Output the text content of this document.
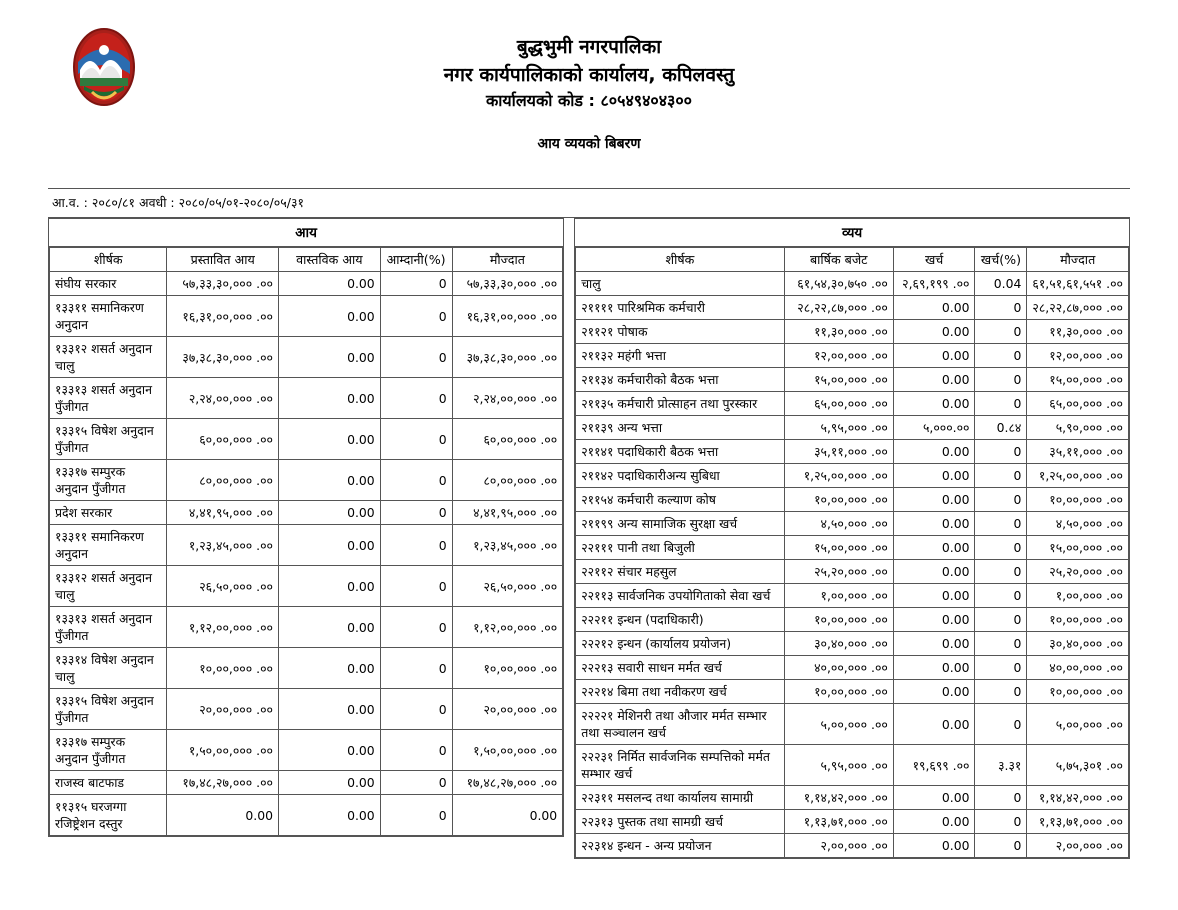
बुद्धभुमी नगरपालिका
नगर कार्यपालिकाको कार्यालय, कपिलवस्तु
कार्यालयको कोड : ८०५४९४०४३००
आय व्ययको बिबरण
आ.व. : २०८०/८१ अवधी : २०८०/०५/०१-२०८०/०५/३१
आय
शीर्षक	प्रस्तावित आय	वास्तविक आय	आम्दानी(%)	मौज्दात
संघीय सरकार	५७,३३,३०,००० .००	0.00	0	५७,३३,३०,००० .००
१३३११ समानिकरण अनुदान	१६,३१,००,००० .००	0.00	0	१६,३१,००,००० .००
१३३१२ शसर्त अनुदान चालु	३७,३८,३०,००० .००	0.00	0	३७,३८,३०,००० .००
१३३१३ शसर्त अनुदान पुँजीगत	२,२४,००,००० .००	0.00	0	२,२४,००,००० .००
१३३१५ विषेश अनुदान पुँजीगत	६०,००,००० .००	0.00	0	६०,००,००० .००
१३३१७ सम्पुरक अनुदान पुँजीगत	८०,००,००० .००	0.00	0	८०,००,००० .००
प्रदेश सरकार	४,४१,९५,००० .००	0.00	0	४,४१,९५,००० .००
१३३११ समानिकरण अनुदान	१,२३,४५,००० .००	0.00	0	१,२३,४५,००० .००
१३३१२ शसर्त अनुदान चालु	२६,५०,००० .००	0.00	0	२६,५०,००० .००
१३३१३ शसर्त अनुदान पुँजीगत	१,१२,००,००० .००	0.00	0	१,१२,००,००० .००
१३३१४ विषेश अनुदान चालु	१०,००,००० .००	0.00	0	१०,००,००० .००
१३३१५ विषेश अनुदान पुँजीगत	२०,००,००० .००	0.00	0	२०,००,००० .००
१३३१७ सम्पुरक अनुदान पुँजीगत	१,५०,००,००० .००	0.00	0	१,५०,००,००० .००
राजस्व बाटफाड	१७,४८,२७,००० .००	0.00	0	१७,४८,२७,००० .००
११३१५ घरजग्गा रजिष्ट्रेशन दस्तुर	0.00	0.00	0	0.00
व्यय
शीर्षक	बार्षिक बजेट	खर्च	खर्च(%)	मौज्दात
चालु	६१,५४,३०,७५० .००	२,६९,१९९ .००	0.04	६१,५१,६१,५५१ .००
२११११ पारिश्रमिक कर्मचारी	२८,२२,८७,००० .००	0.00	0	२८,२२,८७,००० .००
२११२१ पोषाक	११,३०,००० .००	0.00	0	११,३०,००० .००
२११३२ महंगी भत्ता	१२,००,००० .००	0.00	0	१२,००,००० .००
२११३४ कर्मचारीको बैठक भत्ता	१५,००,००० .००	0.00	0	१५,००,००० .००
२११३५ कर्मचारी प्रोत्साहन तथा पुरस्कार	६५,००,००० .००	0.00	0	६५,००,००० .००
२११३९ अन्य भत्ता	५,९५,००० .००	५,०००.००	0.८४	५,९०,००० .००
२११४१ पदाधिकारी बैठक भत्ता	३५,११,००० .००	0.00	0	३५,११,००० .००
२११४२ पदाधिकारीअन्य सुबिधा	१,२५,००,००० .००	0.00	0	१,२५,००,००० .००
२११५४ कर्मचारी कल्याण कोष	१०,००,००० .००	0.00	0	१०,००,००० .००
२११९९ अन्य सामाजिक सुरक्षा खर्च	४,५०,००० .००	0.00	0	४,५०,००० .००
२२१११ पानी तथा बिजुली	१५,००,००० .००	0.00	0	१५,००,००० .००
२२११२ संचार महसुल	२५,२०,००० .००	0.00	0	२५,२०,००० .००
२२११३ सार्वजनिक उपयोगिताको सेवा खर्च	१,००,००० .००	0.00	0	१,००,००० .००
२२२११ इन्धन (पदाधिकारी)	१०,००,००० .००	0.00	0	१०,००,००० .००
२२२१२ इन्धन (कार्यालय प्रयोजन)	३०,४०,००० .००	0.00	0	३०,४०,००० .००
२२२१३ सवारी साधन मर्मत खर्च	४०,००,००० .००	0.00	0	४०,००,००० .००
२२२१४ बिमा तथा नवीकरण खर्च	१०,००,००० .००	0.00	0	१०,००,००० .००
२२२२१ मेशिनरी तथा औजार मर्मत सम्भार तथा सञ्चालन खर्च	५,००,००० .००	0.00	0	५,००,००० .००
२२२३१ निर्मित सार्वजनिक सम्पत्तिको मर्मत सम्भार खर्च	५,९५,००० .००	१९,६९९ .००	३.३१	५,७५,३०१ .००
२२३११ मसलन्द तथा कार्यालय सामाग्री	१,१४,४२,००० .००	0.00	0	१,१४,४२,००० .००
२२३१३ पुस्तक तथा सामग्री खर्च	१,१३,७१,००० .००	0.00	0	१,१३,७१,००० .००
२२३१४ इन्धन - अन्य प्रयोजन	२,००,००० .००	0.00	0	२,००,००० .००
